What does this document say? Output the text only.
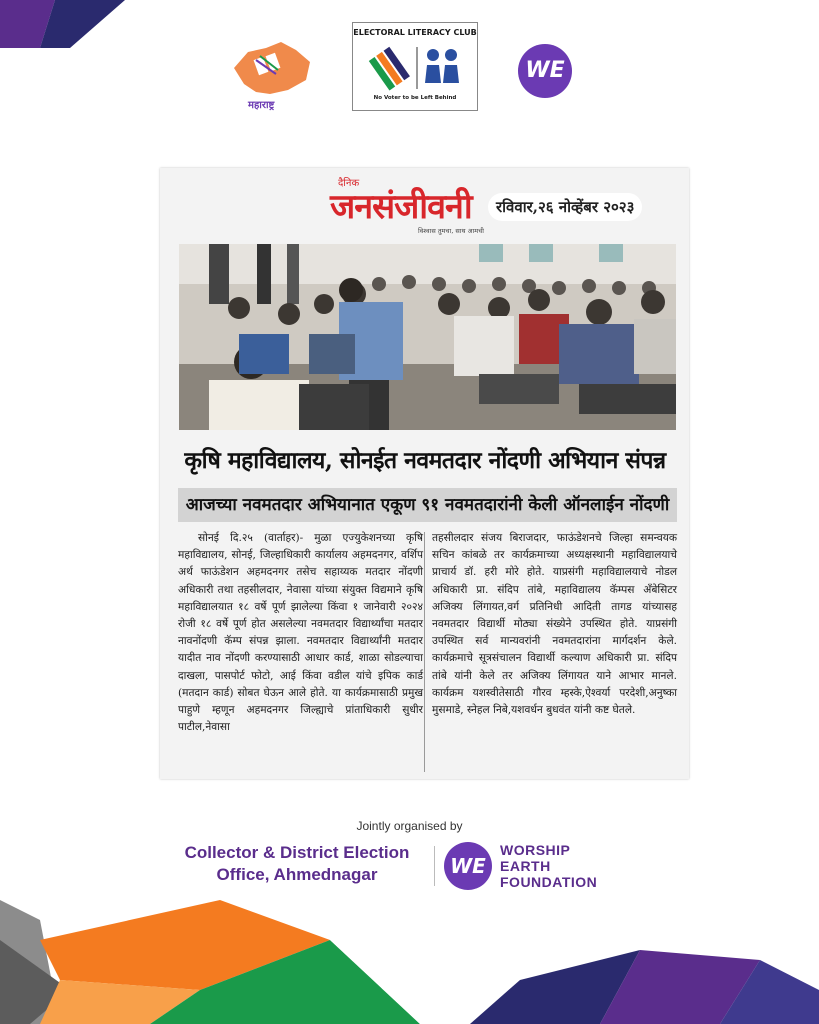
महाराष्ट्र
ELECTORAL LITERACY CLUB
No Voter to be Left Behind
WE
दैनिक
जनसंजीवनी
विश्वास तुमचा, साथ आमची
रविवार,२६ नोव्हेंबर २०२३
कृषि महाविद्यालय, सोनईत नवमतदार नोंदणी अभियान संपन्न
आजच्या नवमतदार अभियानात एकूण ९१ नवमतदारांनी केली ऑनलाईन नोंदणी
सोनई दि.२५ (वार्ताहर)- मुळा एज्युकेशनच्या कृषि महाविद्यालय, सोनई, जिल्हाधिकारी कार्यालय अहमदनगर, वर्शिप अर्थ फाऊंडेशन अहमदनगर तसेच सहाय्यक मतदार नोंदणी अधिकारी तथा तहसीलदार, नेवासा यांच्या संयुक्त विद्यमाने कृषि महाविद्यालयात १८ वर्षे पूर्ण झालेल्या किंवा १ जानेवारी २०२४ रोजी १८ वर्षे पूर्ण होत असलेल्या नवमतदार विद्यार्थ्यांचा मतदार नावनोंदणी कॅम्प संपन्न झाला. नवमतदार विद्यार्थ्यांनी मतदार यादीत नाव नोंदणी करण्यासाठी आधार कार्ड, शाळा सोडल्याचा दाखला, पासपोर्ट फोटो, आई किंवा वडील यांचे इपिक कार्ड (मतदान कार्ड) सोबत घेऊन आले होते. या कार्यक्रमासाठी प्रमुख पाहुणे म्हणून अहमदनगर जिल्ह्याचे प्रांताधिकारी सुधीर पाटील,नेवासा
तहसीलदार संजय बिराजदार, फाऊंडेशनचे जिल्हा समन्वयक सचिन कांबळे तर कार्यक्रमाच्या अध्यक्षस्थानी महाविद्यालयाचे प्राचार्य डॉ. हरी मोरे होते. याप्रसंगी महाविद्यालयाचे नोडल अधिकारी प्रा. संदिप तांबे, महाविद्यालय कॅम्पस अँबेसिटर अजिक्य लिंगायत,वर्ग प्रतिनिधी आदिती तागड यांच्यासह नवमतदार विद्यार्थी मोठ्या संख्येने उपस्थित होते. याप्रसंगी उपस्थित सर्व मान्यवरांनी नवमतदारांना मार्गदर्शन केले. कार्यक्रमाचे सूत्रसंचालन विद्यार्थी कल्याण अधिकारी प्रा. संदिप तांबे यांनी केले तर अजिक्य लिंगायत याने आभार मानले. कार्यक्रम यशस्वीतेसाठी गौरव म्हस्के,ऐश्वर्या परदेशी,अनुष्का मुसमाडे, स्नेहल निबे,यशवर्धन बुधवंत यांनी कष्ट घेतले.
Jointly organised by
Collector & District Election
Office, Ahmednagar	WE
WORSHIP
EARTH
FOUNDATION
